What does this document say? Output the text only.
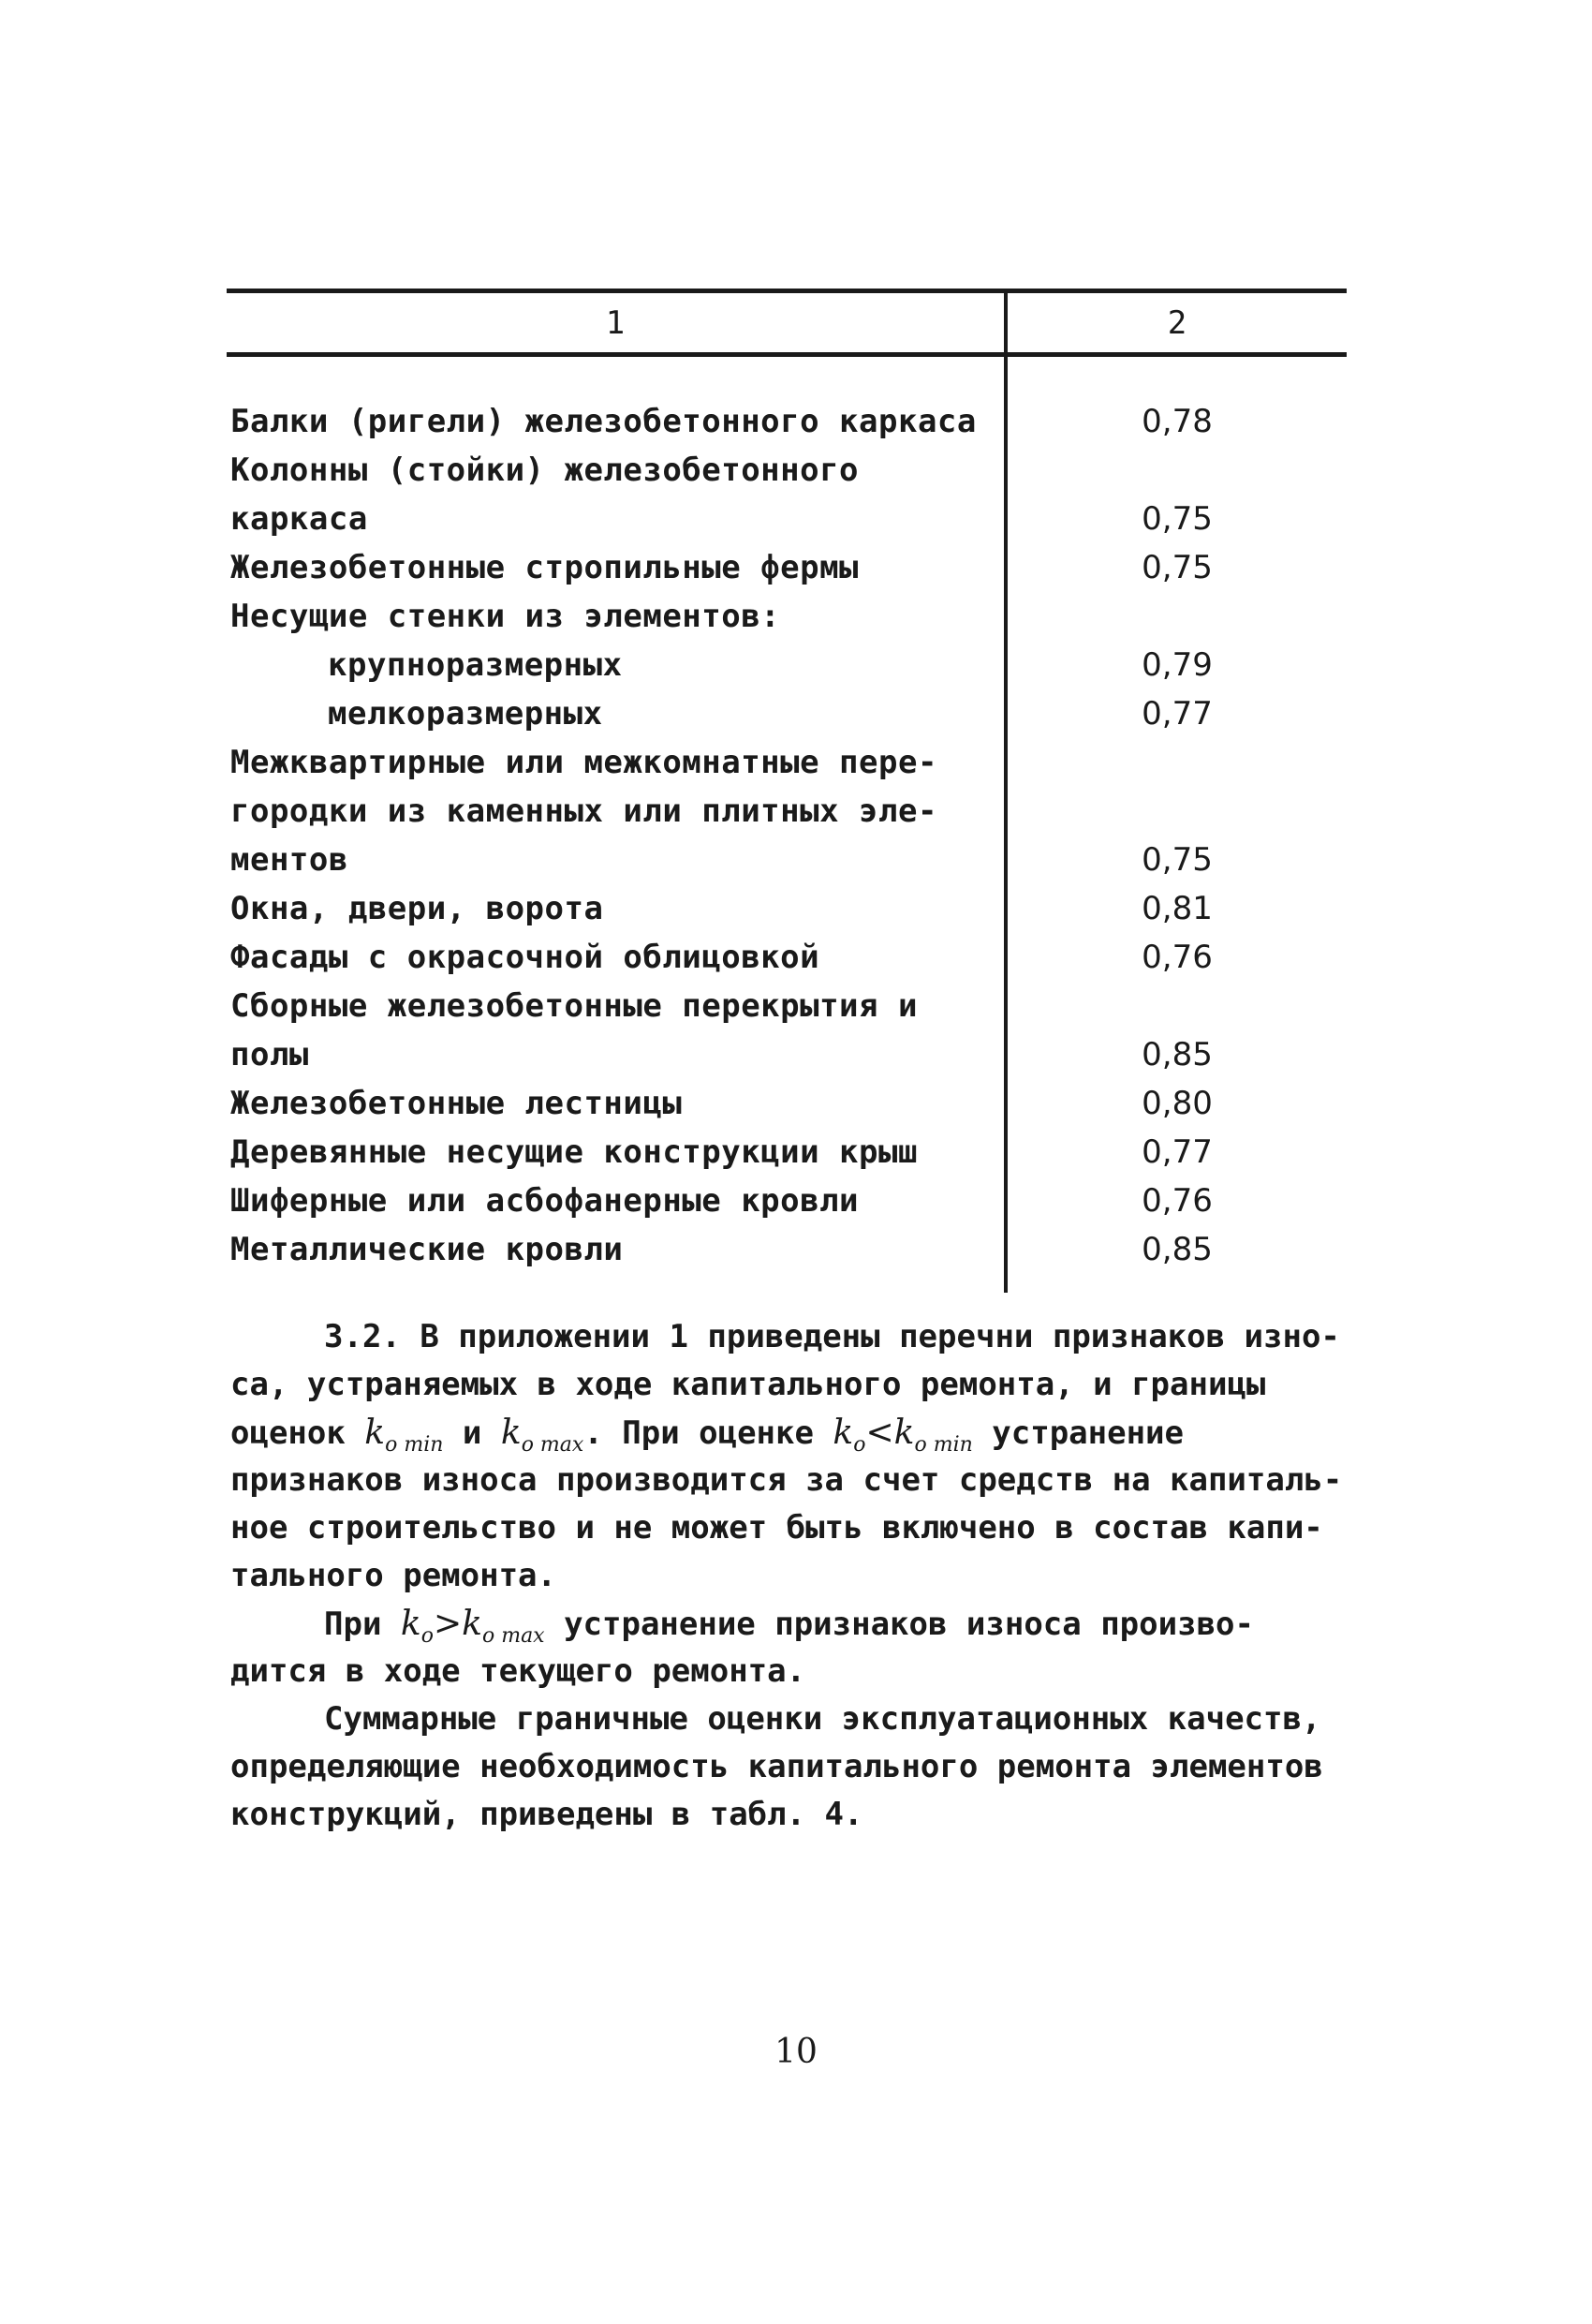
1	2
Балки (ригели) железобетонного каркаса	0,78
Колонны (стойки) железобетонного
каркаса	0,75
Железобетонные стропильные фермы	0,75
Несущие стенки из элементов:
крупноразмерных	0,79
мелкоразмерных	0,77
Межквартирные или межкомнатные пере-
городки из каменных или плитных эле-
ментов	0,75
Окна, двери, ворота	0,81
Фасады с окрасочной облицовкой	0,76
Сборные железобетонные перекрытия и
полы	0,85
Железобетонные лестницы	0,80
Деревянные несущие конструкции крыш	0,77
Шиферные или асбофанерные кровли	0,76
Металлические кровли	0,85
3.2. В приложении 1 приведены перечни признаков изно-
са, устраняемых в ходе капитального ремонта, и границы
оценок $k_{o min}$ и $k_{o max}$. При оценке $k_o<k_{o min}$ устранение
признаков износа производится за счет средств на капиталь-
ное строительство и не может быть включено в состав капи-
тального ремонта.
При $k_o>k_{o max}$ устранение признаков износа произво-
дится в ходе текущего ремонта.
Суммарные граничные оценки эксплуатационных качеств,
определяющие необходимость капитального ремонта элементов
конструкций, приведены в табл. 4.
10
